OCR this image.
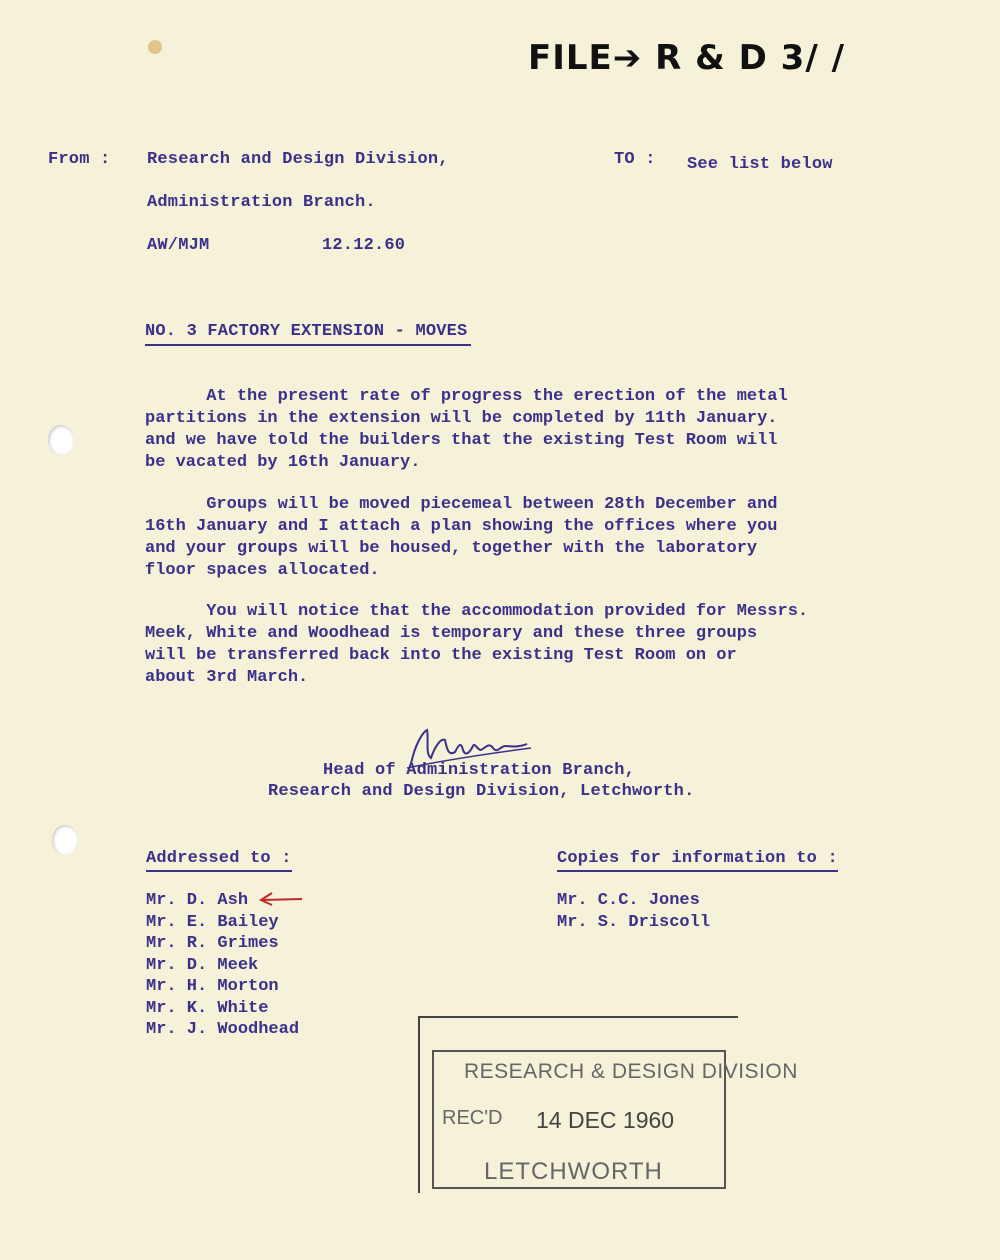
FILE➔ R & D 3/ /
From : Research and Design Division,
Administration Branch.
AW/MJM	12.12.60
TO : See list below
NO. 3 FACTORY EXTENSION - MOVES
At the present rate of progress the erection of the metal
partitions in the extension will be completed by 11th January.
and we have told the builders that the existing Test Room will
be vacated by 16th January.
Groups will be moved piecemeal between 28th December and
16th January and I attach a plan showing the offices where you
and your groups will be housed, together with the laboratory
floor spaces allocated.
You will notice that the accommodation provided for Messrs.
Meek, White and Woodhead is temporary and these three groups
will be transferred back into the existing Test Room on or
about 3rd March.
Head of Administration Branch,
Research and Design Division, Letchworth.
Addressed to :
Mr. D. Ash
Mr. E. Bailey
Mr. R. Grimes
Mr. D. Meek
Mr. H. Morton
Mr. K. White
Mr. J. Woodhead
Copies for information to :
Mr. C.C. Jones
Mr. S. Driscoll
RESEARCH & DESIGN DIVISION
REC'D 14 DEC 1960
LETCHWORTH
